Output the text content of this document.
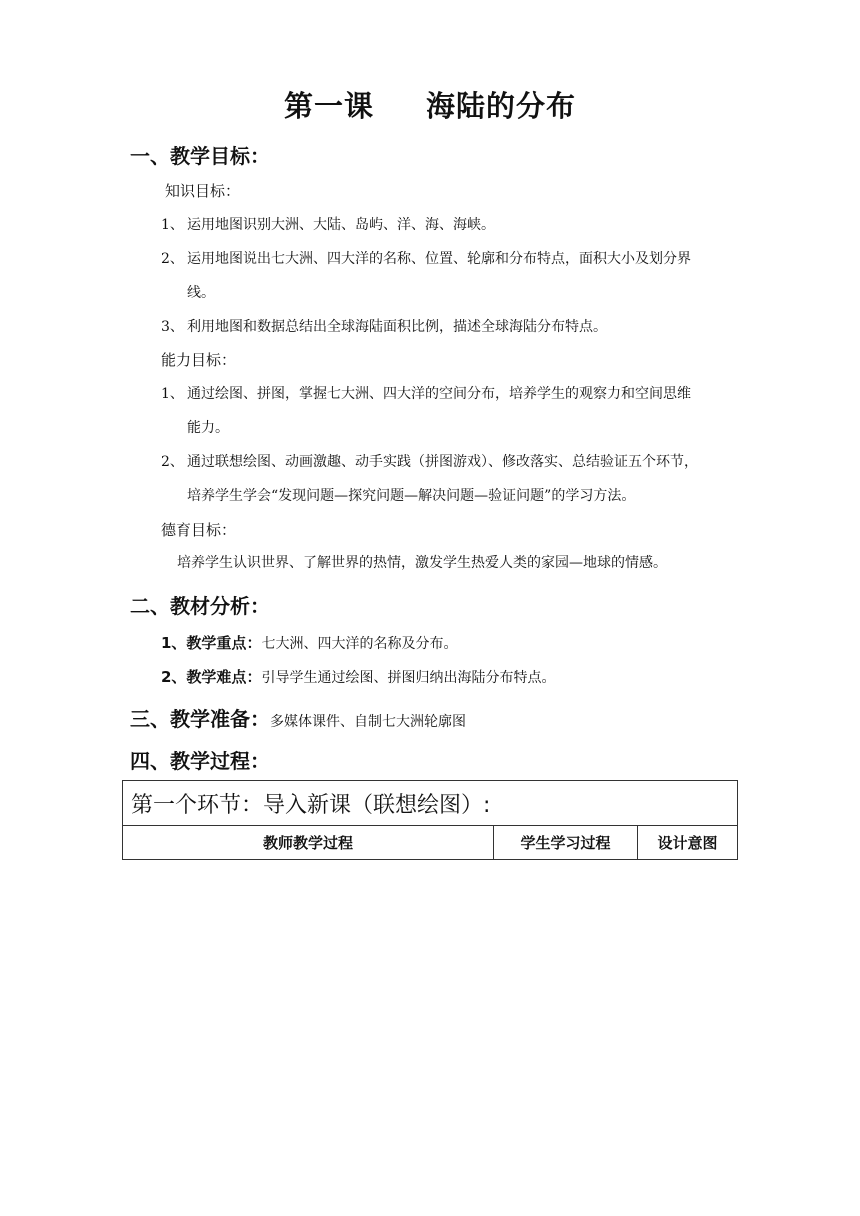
第一课 海陆的分布
一、教学目标：
知识目标：
1、 运用地图识别大洲、大陆、岛屿、洋、海、海峡。
2、 运用地图说出七大洲、四大洋的名称、位置、轮廓和分布特点，面积大小及划分界
线。
3、 利用地图和数据总结出全球海陆面积比例，描述全球海陆分布特点。
能力目标：
1、 通过绘图、拼图，掌握七大洲、四大洋的空间分布，培养学生的观察力和空间思维
能力。
2、 通过联想绘图、动画激趣、动手实践（拼图游戏）、修改落实、总结验证五个环节，
培养学生学会“发现问题—探究问题—解决问题—验证问题”的学习方法。
德育目标：
培养学生认识世界、了解世界的热情，激发学生热爱人类的家园—地球的情感。
二、教材分析：
1、教学重点：七大洲、四大洋的名称及分布。
2、教学难点：引导学生通过绘图、拼图归纳出海陆分布特点。
三、教学准备：多媒体课件、自制七大洲轮廓图
四、教学过程：
第一个环节：导入新课（联想绘图）:
教师教学过程	学生学习过程	设计意图
